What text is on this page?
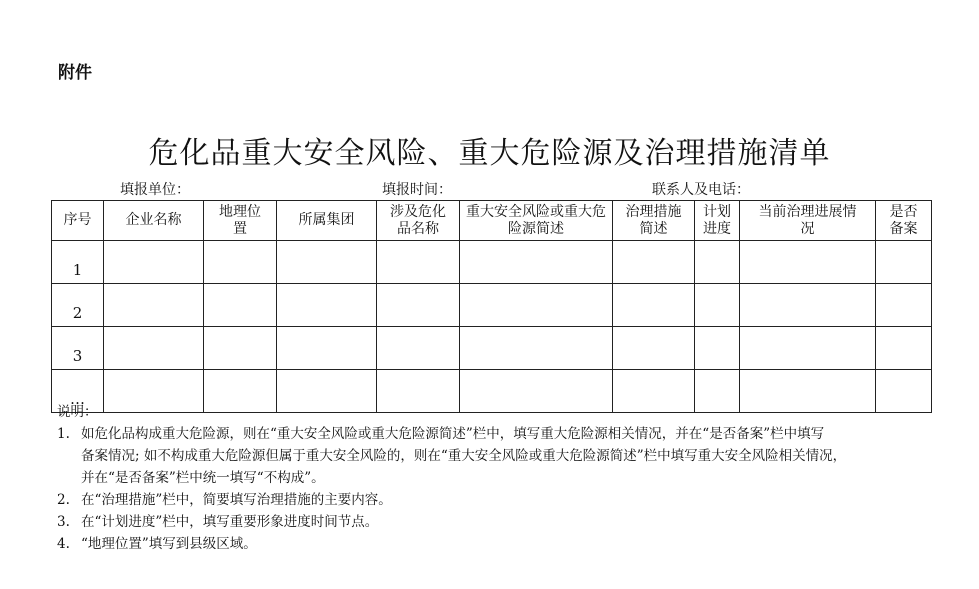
附件
危化品重大安全风险、重大危险源及治理措施清单
填报单位：	填报时间：	联系人及电话：
序号	企业名称	地理位置	所属集团	涉及危化品名称	重大安全风险或重大危险源简述	治理措施简述	计划进度	当前治理进展情况	是否备案
1									
2									
3									
…									
说明：
1. 如危化品构成重大危险源，则在“重大安全风险或重大危险源简述”栏中，填写重大危险源相关情况，并在“是否备案”栏中填写
备案情况; 如不构成重大危险源但属于重大安全风险的，则在“重大安全风险或重大危险源简述”栏中填写重大安全风险相关情况，
并在“是否备案”栏中统一填写“不构成”。
2. 在“治理措施”栏中，简要填写治理措施的主要内容。
3. 在“计划进度”栏中，填写重要形象进度时间节点。
4. “地理位置”填写到县级区域。
